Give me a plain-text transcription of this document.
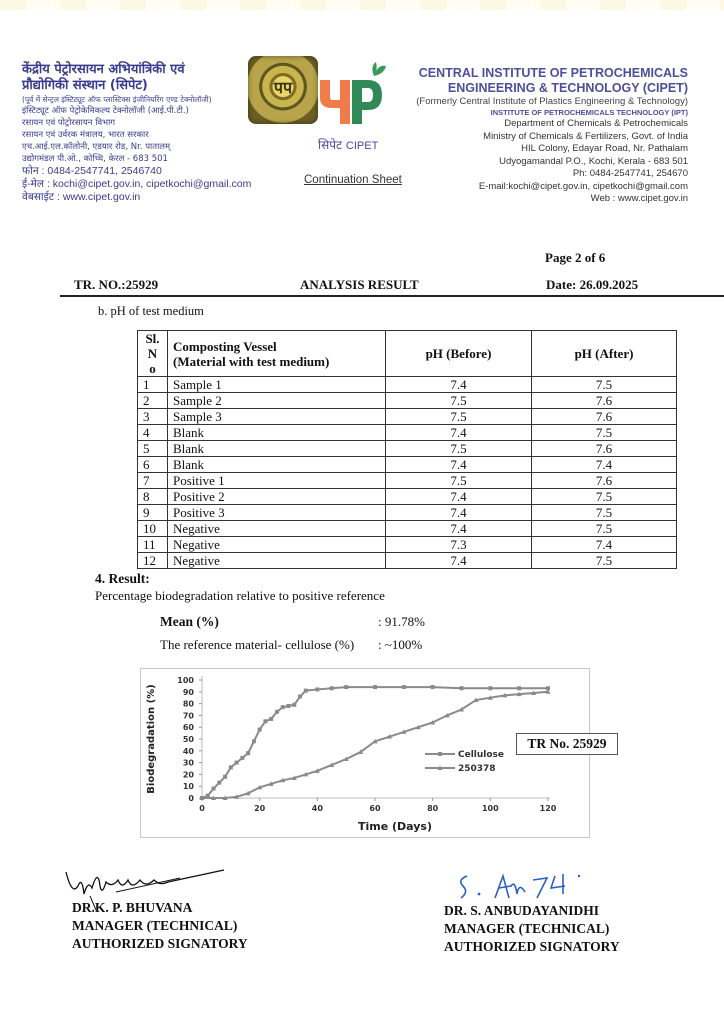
केंद्रीय पेट्रोरसायन अभियांत्रिकी एवं
प्रौद्योगिकी संस्थान (सिपेट)
(पूर्व में सेन्ट्रल इंस्टिट्यूट ऑफ प्लास्टिक्स इंजीनियरिंग एण्ड टेक्नोलॉजी)
इंस्टिट्यूट ऑफ पेट्रोकेमिकल्य टेक्नोलॉजी (आई.पी.टी.)
रसायन एवं पोट्रोरसायन विभाग
रसायन एवं उर्वरक मंत्रालय, भारत सरकार
एच.आई.एल.कॉलोनी, एडयार रोड, Nr. पातालम्
उद्योगमंडल पी.ओ., कोच्चि, केरल - 683 501
फोन : 0484-2547741, 2546740
ई-मेल : kochi@cipet.gov.in, cipetkochi@gmail.com
वेबसाईट : www.cipet.gov.in
पप
सिपेट CIPET
Continuation Sheet
CENTRAL INSTITUTE OF PETROCHEMICALS
ENGINEERING & TECHNOLOGY (CIPET)
(Formerly Central Institute of Plastics Engineering & Technology)
INSTITUTE OF PETROCHEMICALS TECHNOLOGY (IPT)
Department of Chemicals & Petrochemicals
Ministry of Chemicals & Fertilizers, Govt. of India
HIL Colony, Edayar Road, Nr. Pathalam
Udyogamandal P.O., Kochi, Kerala - 683 501
Ph: 0484-2547741, 254670
E-mail:kochi@cipet.gov.in, cipetkochi@gmail.com
Web : www.cipet.gov.in
Page 2 of 6
TR. NO.:25929	ANALYSIS RESULT	Date: 26.09.2025
b. pH of test medium
Sl.
N
o

Composting Vessel
(Material with test medium)	pH (Before)	pH (After)
1	Sample 1	7.4	7.5
2	Sample 2	7.5	7.6
3	Sample 3	7.5	7.6
4	Blank	7.4	7.5
5	Blank	7.5	7.6
6	Blank	7.4	7.4
7	Positive 1	7.5	7.6
8	Positive 2	7.4	7.5
9	Positive 3	7.4	7.5
10	Negative	7.4	7.5
11	Negative	7.3	7.4
12	Negative	7.4	7.5
4. Result:
Percentage biodegradation relative to positive reference
Mean (%)	: 91.78%
The reference material- cellulose (%) : ~100%
0
10
20
30
40
50
60
70
80
90
100
0	20	40	60	80	100	120
Cellulose
250378
Time (Days)
Biodegradation (%)	TR No. 25929
DR.K. P. BHUVANA
MANAGER (TECHNICAL)
AUTHORIZED SIGNATORY
DR. S. ANBUDAYANIDHI
MANAGER (TECHNICAL)
AUTHORIZED SIGNATORY
